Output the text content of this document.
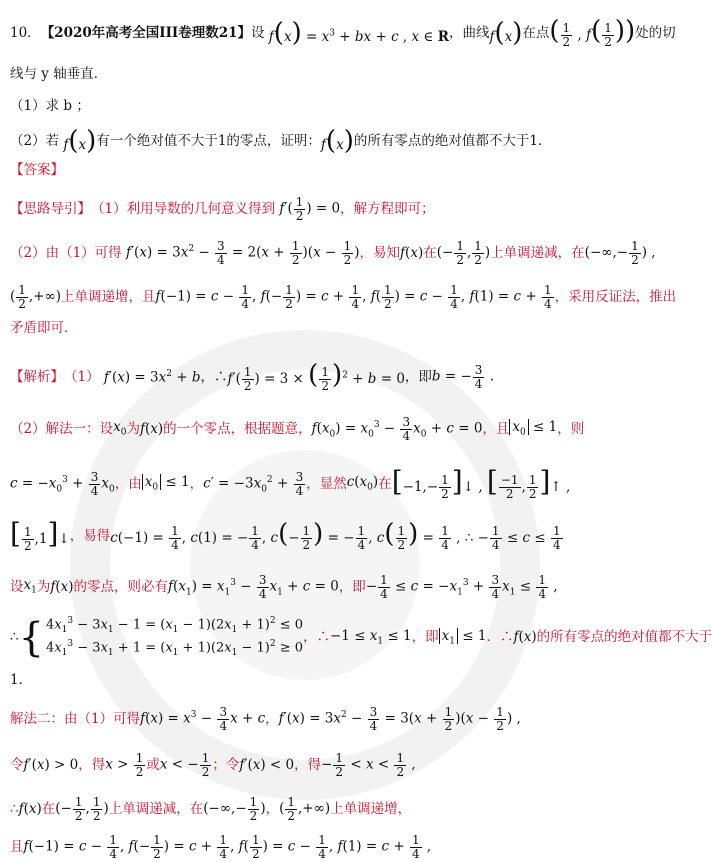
10． 【2020年高考全国III卷理数21】 设 $f(x) = x^3$ + bx + c , x ∈ R ，曲线 f(x) 在点 ( $\frac{1}{2}$ , $f( \frac{1}{2}$ )) 处的切
线与 y 轴垂直．
（1）求 b ；
（2）若 f(x) 有一个绝对值不大于1的零点，证明： f(x) 的所有零点的绝对值都不大于1．
【答案】
【思路导引】 （1）利用导数的几何意义得到 $f'( \frac{1}{2}$ ) = 0 ，解方程即可；
（2）由（1）可得 $f'(x) = 3x^2 - \frac{3}{4} = 2(x + \frac{1}{2} )(x - \frac{1}{2}$ ) ，易知 f(x) 在 (− $\frac{1}{2}$ , $\frac{1}{2}$ ) 上单调递减，在 (−∞,− $\frac{1}{2}$ ) ,
( $\frac{1}{2}$ ,+∞) 上单调递增，且 $f(-1) = c - \frac{1}{4}$ , $f(- \frac{1}{2}$ ) = $c + \frac{1}{4}$ , $f( \frac{1}{2}$ ) = $c - \frac{1}{4}$ , $f(1) = c + \frac{1}{4}$ ，采用反证法，推出
矛盾即可．
【解析】 （1） $f'(x) = 3x^2 + b$ ，∴ $f'( \frac{1}{2}$ ) = 3 × ( $\frac{1}{2} )^2 + b = 0$ ，即 b = − $\frac{3}{4}$ .
（2）解法一：设 $x_0$ 为 f(x) 的一个零点，根据题意， $f(x_0) = x_0^3 - \frac{3}{4} x_0 + c = 0$ ，且 $x_0 \le 1$ ，则
$c = -x_0^3 + \frac{3}{4} x_0$ ，由 $x_0 \le 1$ ， $c' = -3x_0^2 + \frac{3}{4}$ ，显然 $c(x_0)$ 在 [$-1,- \frac{1}{2}$ ]↓ , [ $\frac{-1}{2}$ , $\frac{1}{2}$ ]↑ ,
[ $\frac{1}{2}$ ,1]↓ ，易得 $c(-1) = \frac{1}{4}$ , c(1) = − $\frac{1}{4}$ , $c(- \frac{1}{2}$ ) = − $\frac{1}{4}$ , $c( \frac{1}{2}$ ) = $\frac{1}{4}$ , ∴ − $\frac{1}{4} \le c \le \frac{1}{4}$
设 $x_1$ 为 f(x) 的零点，则必有 $f(x_1) = x_1^3 - \frac{3}{4} x_1 + c = 0$ ，即 − $\frac{1}{4} \le c = -x_1^3 + \frac{3}{4} x_1 \le \frac{1}{4}$ ,
∴ { $4x_1^3 - 3x_1 - 1 = (x_1 - 1)(2x_1 + 1)^2 \le 0$
$4x_1^3 - 3x_1 + 1 = (x_1 + 1)(2x_1 - 1)^2 \ge 0$
，∴ $-1 \le x_1 \le 1$ ，即 $x_1 \le 1$ ．∴ f(x) 的所有零点的绝对值都不大于
1．
解法二：由（1）可得 $f(x) = x^3 - \frac{3}{4}$ x + c ， $f'(x) = 3x^2 - \frac{3}{4} = 3(x + \frac{1}{2} )(x - \frac{1}{2}$ ) ,
令 f′(x) > 0 ，得 $x > \frac{1}{2}$ 或 x < − $\frac{1}{2}$ ；令 f′(x) < 0 ，得 − $\frac{1}{2} < x < \frac{1}{2}$ ,
∴ f(x) 在 (− $\frac{1}{2}$ , $\frac{1}{2}$ ) 上单调递减，在 (−∞,− $\frac{1}{2}$ ) ， ( $\frac{1}{2}$ ,+∞) 上单调递增，
且 $f(-1) = c - \frac{1}{4}$ , $f(- \frac{1}{2}$ ) = $c + \frac{1}{4}$ , $f( \frac{1}{2}$ ) = $c - \frac{1}{4}$ , $f(1) = c + \frac{1}{4}$ ,
